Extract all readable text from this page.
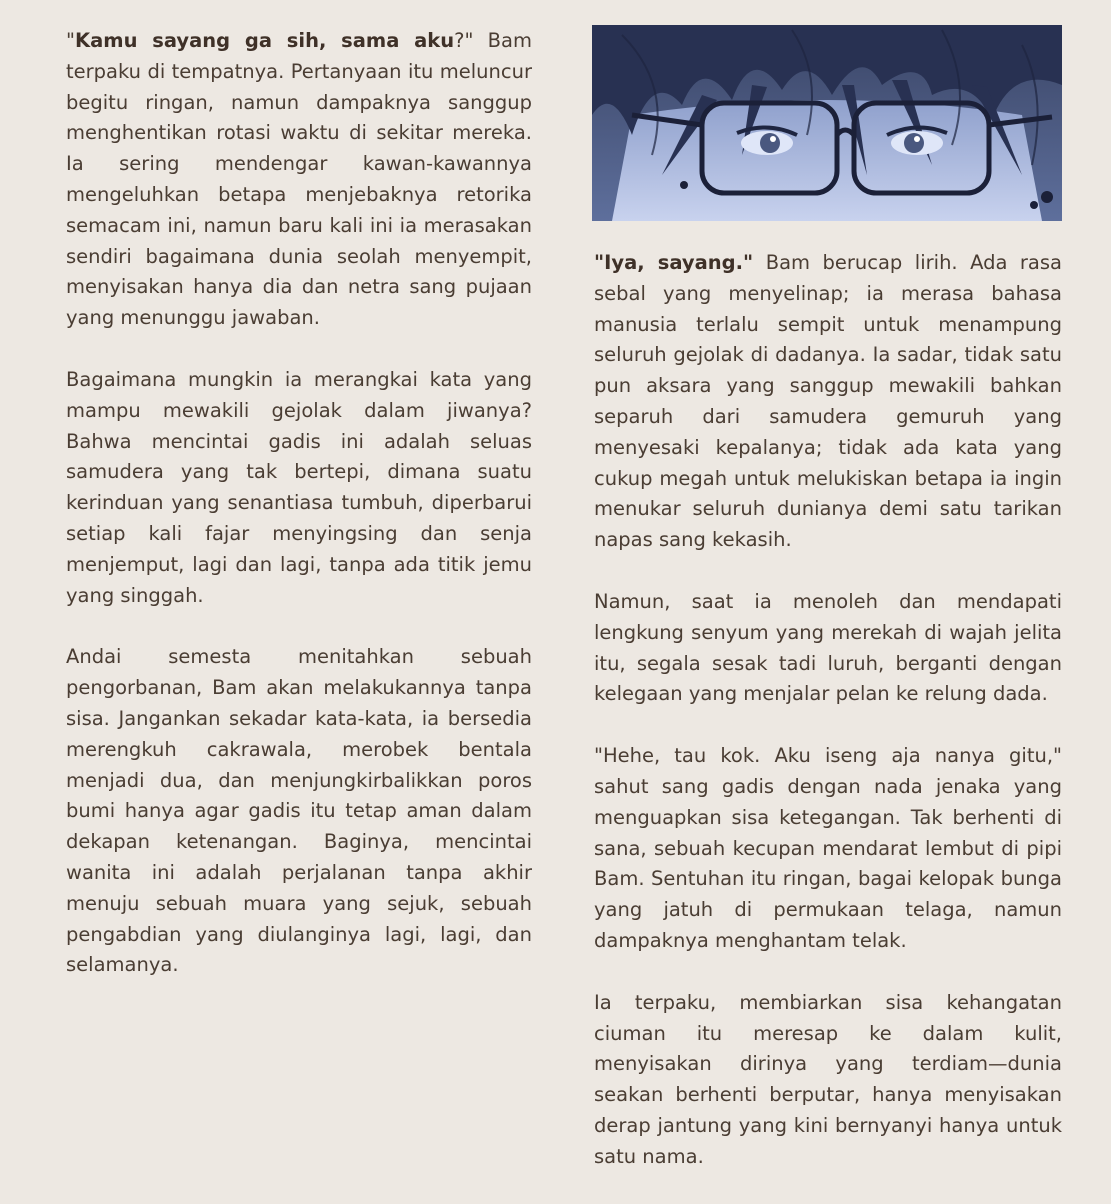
"Kamu sayang ga sih, sama aku?" Bam terpaku di tempatnya. Pertanyaan itu meluncur begitu ringan, namun dampaknya sanggup menghentikan rotasi waktu di sekitar mereka. Ia sering mendengar kawan-kawannya mengeluhkan betapa menjebaknya retorika semacam ini, namun baru kali ini ia merasakan sendiri bagaimana dunia seolah menyempit, menyisakan hanya dia dan netra sang pujaan yang menunggu jawaban.

Bagaimana mungkin ia merangkai kata yang mampu mewakili gejolak dalam jiwanya? Bahwa mencintai gadis ini adalah seluas samudera yang tak bertepi, dimana suatu kerinduan yang senantiasa tumbuh, diperbarui setiap kali fajar menyingsing dan senja menjemput, lagi dan lagi, tanpa ada titik jemu yang singgah.

Andai semesta menitahkan sebuah pengorbanan, Bam akan melakukannya tanpa sisa. Jangankan sekadar kata-kata, ia bersedia merengkuh cakrawala, merobek bentala menjadi dua, dan menjungkirbalikkan poros bumi hanya agar gadis itu tetap aman dalam dekapan ketenangan. Baginya, mencintai wanita ini adalah perjalanan tanpa akhir menuju sebuah muara yang sejuk, sebuah pengabdian yang diulanginya lagi, lagi, dan selamanya.

"Iya, sayang." Bam berucap lirih. Ada rasa sebal yang menyelinap; ia merasa bahasa manusia terlalu sempit untuk menampung seluruh gejolak di dadanya. Ia sadar, tidak satu pun aksara yang sanggup mewakili bahkan separuh dari samudera gemuruh yang menyesaki kepalanya; tidak ada kata yang cukup megah untuk melukiskan betapa ia ingin menukar seluruh dunianya demi satu tarikan napas sang kekasih.

Namun, saat ia menoleh dan mendapati lengkung senyum yang merekah di wajah jelita itu, segala sesak tadi luruh, berganti dengan kelegaan yang menjalar pelan ke relung dada.

"Hehe, tau kok. Aku iseng aja nanya gitu," sahut sang gadis dengan nada jenaka yang menguapkan sisa ketegangan. Tak berhenti di sana, sebuah kecupan mendarat lembut di pipi Bam. Sentuhan itu ringan, bagai kelopak bunga yang jatuh di permukaan telaga, namun dampaknya menghantam telak.

Ia terpaku, membiarkan sisa kehangatan ciuman itu meresap ke dalam kulit, menyisakan dirinya yang terdiam—dunia seakan berhenti berputar, hanya menyisakan derap jantung yang kini bernyanyi hanya untuk satu nama.
